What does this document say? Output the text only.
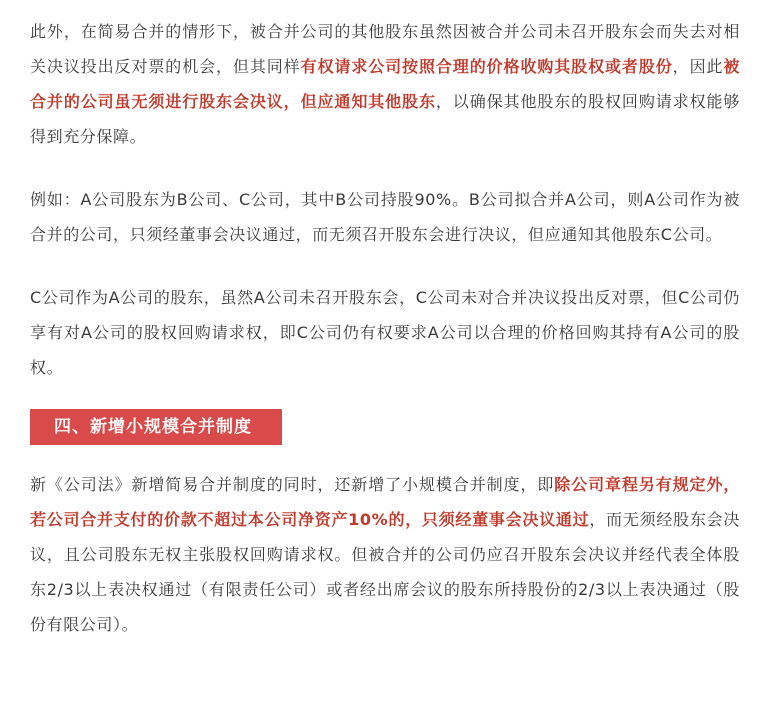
此外，在简易合并的情形下，被合并公司的其他股东虽然因被合并公司未召开股东会而失去对相关决议投出反对票的机会，但其同样有权请求公司按照合理的价格收购其股权或者股份，因此被合并的公司虽无须进行股东会决议，但应通知其他股东，以确保其他股东的股权回购请求权能够得到充分保障。

例如：A公司股东为B公司、C公司，其中B公司持股90%。B公司拟合并A公司，则A公司作为被合并的公司，只须经董事会决议通过，而无须召开股东会进行决议，但应通知其他股东C公司。

C公司作为A公司的股东，虽然A公司未召开股东会，C公司未对合并决议投出反对票，但C公司仍享有对A公司的股权回购请求权，即C公司仍有权要求A公司以合理的价格回购其持有A公司的股权。

四、新增小规模合并制度

新《公司法》新增简易合并制度的同时，还新增了小规模合并制度，即除公司章程另有规定外，若公司合并支付的价款不超过本公司净资产10%的，只须经董事会决议通过，而无须经股东会决议，且公司股东无权主张股权回购请求权。但被合并的公司仍应召开股东会决议并经代表全体股东2/3以上表决权通过（有限责任公司）或者经出席会议的股东所持股份的2/3以上表决通过（股份有限公司）。
